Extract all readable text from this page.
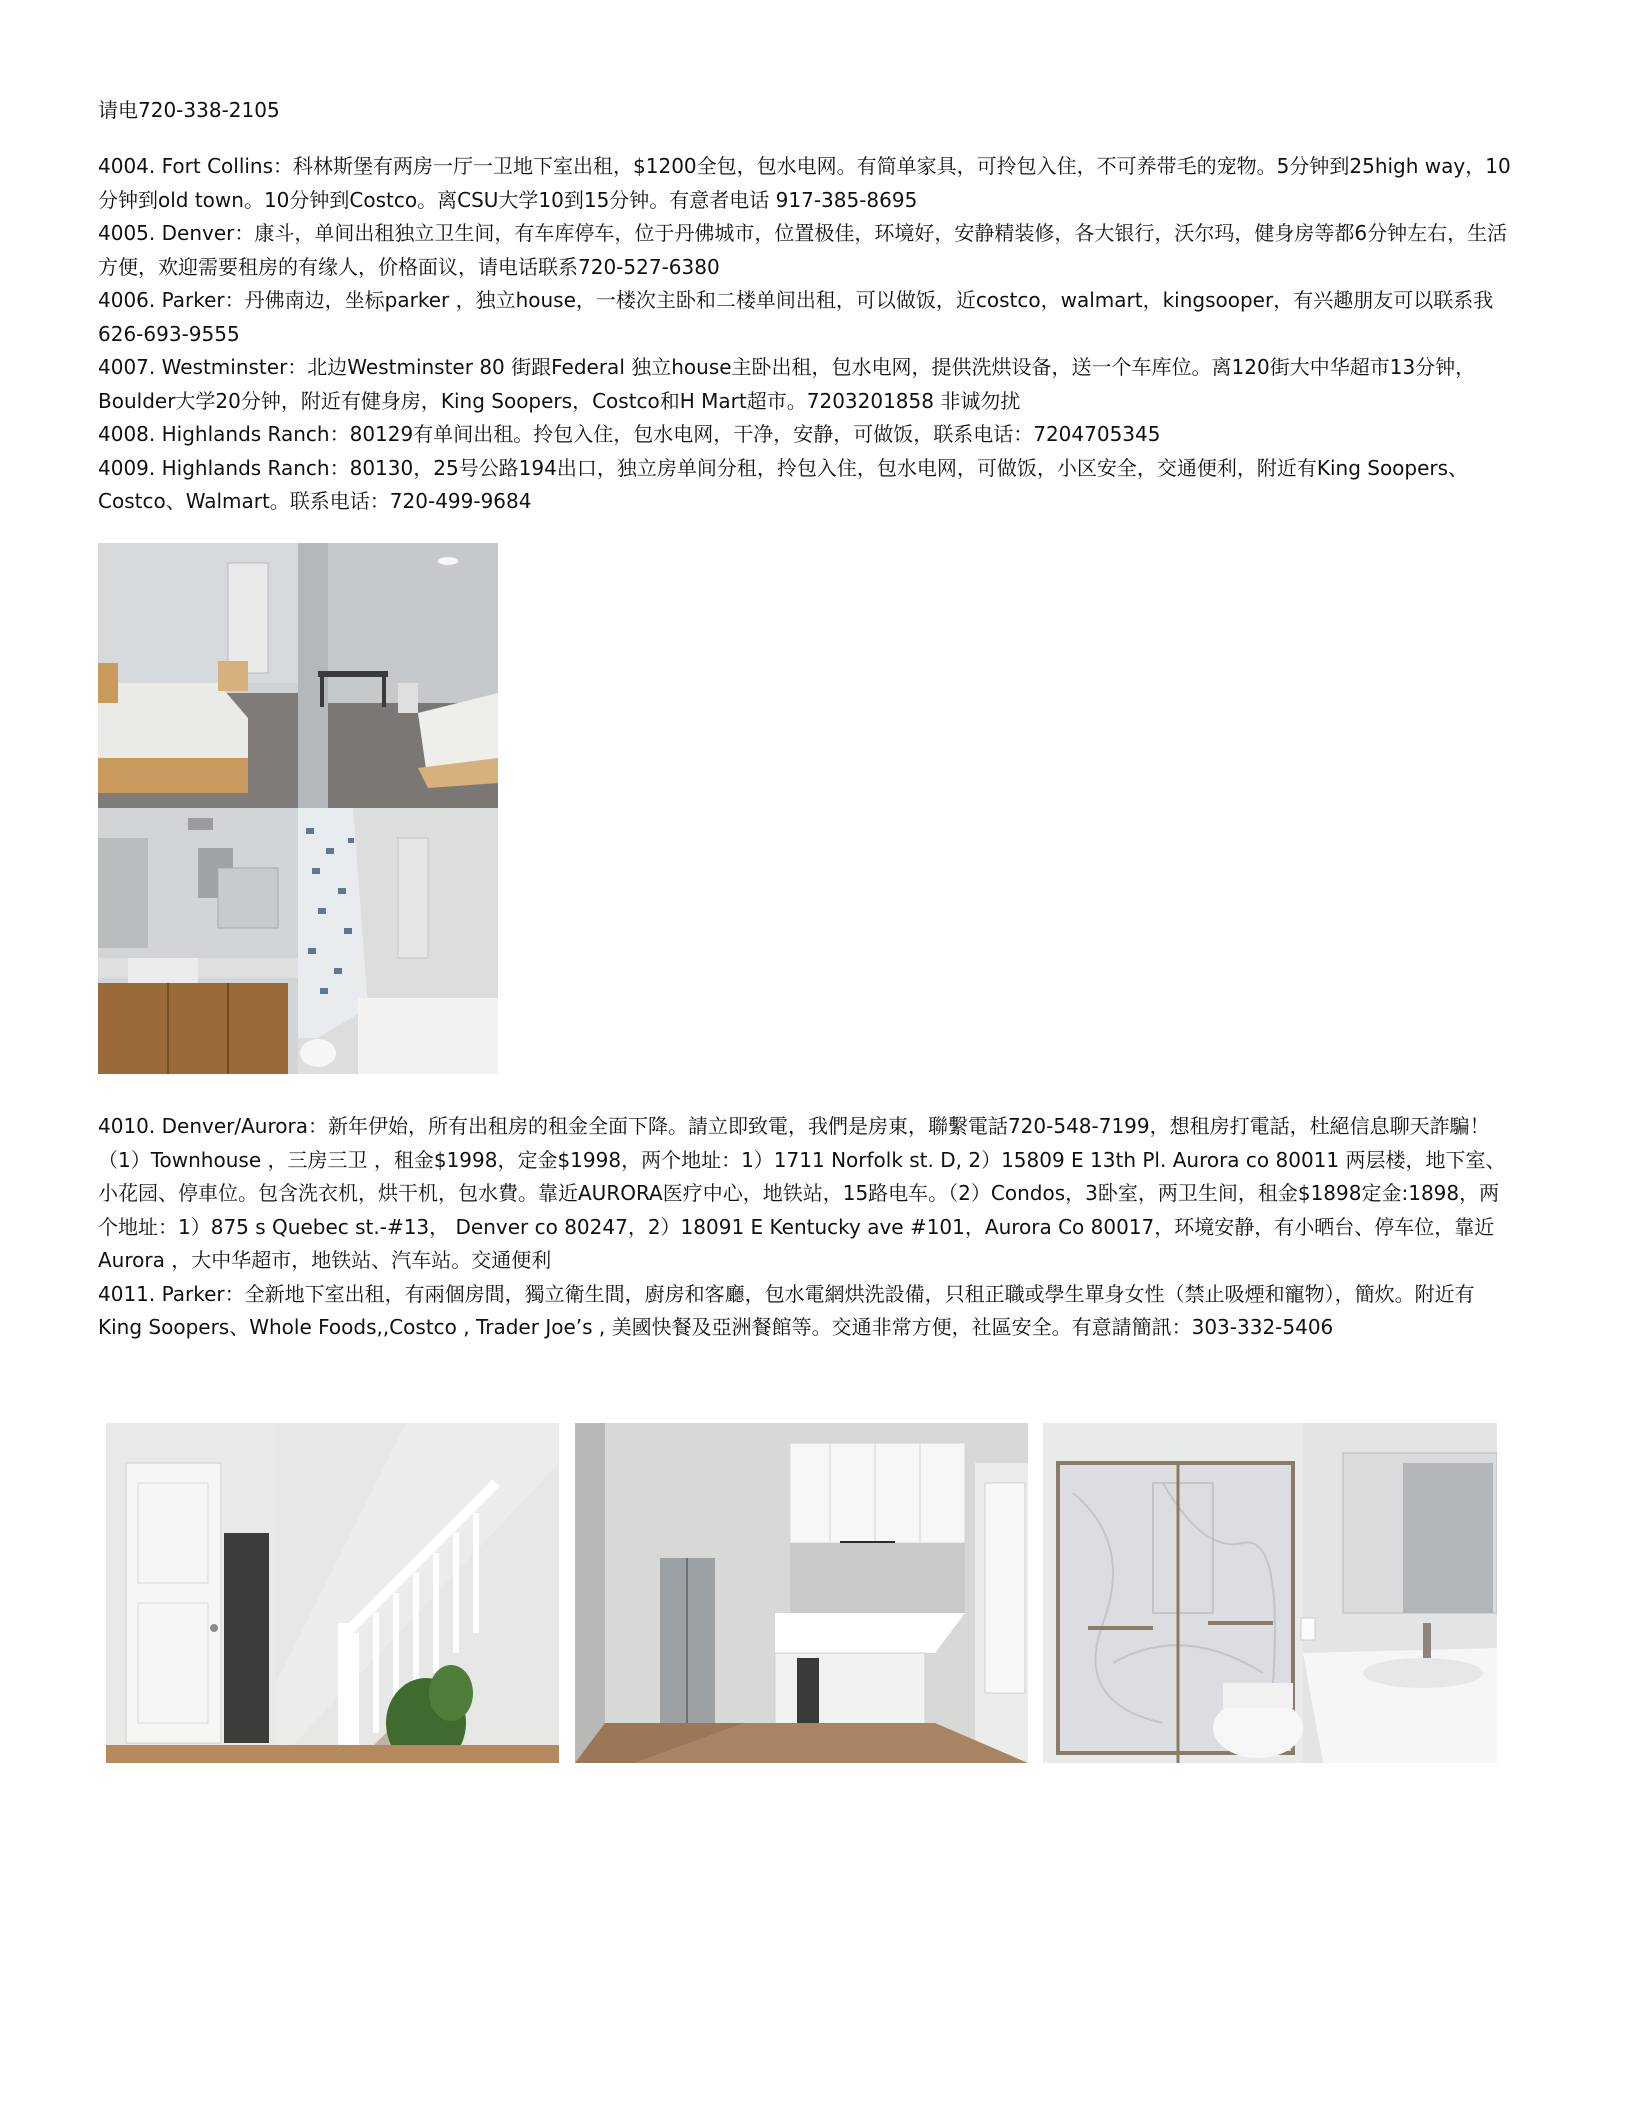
请电720-338-2105

4004. Fort Collins：科林斯堡有两房一厅一卫地下室出租，$1200全包，包水电网。有简单家具，可拎包入住，不可养带毛的宠物。5分钟到25high way，10分钟到old town。10分钟到Costco。离CSU大学10到15分钟。有意者电话 917-385-8695

4005. Denver：康斗，单间出租独立卫生间，有车库停车，位于丹佛城市，位置极佳，环境好，安静精装修，各大银行，沃尔玛，健身房等都6分钟左右，生活方便，欢迎需要租房的有缘人，价格面议，请电话联系720-527-6380

4006. Parker：丹佛南边，坐标parker ，独立house，一楼次主卧和二楼单间出租，可以做饭，近costco，walmart，kingsooper，有兴趣朋友可以联系我626-693-9555

4007. Westminster：北边Westminster 80 街跟Federal 独立house主卧出租，包水电网，提供洗烘设备，送一个车库位。离120街大中华超市13分钟，Boulder大学20分钟，附近有健身房，King Soopers，Costco和H Mart超市。7203201858 非诚勿扰

4008. Highlands Ranch：80129有单间出租。拎包入住，包水电网，干净，安静，可做饭，联系电话：7204705345

4009. Highlands Ranch：80130，25号公路194出口，独立房单间分租，拎包入住，包水电网，可做饭，小区安全，交通便利，附近有King Soopers、Costco、Walmart。联系电话：720-499-9684

4010. Denver/Aurora：新年伊始，所有出租房的租金全面下降。請立即致電，我們是房東，聯繫電話720-548-7199，想租房打電話，杜絕信息聊天詐騙！（1）Townhouse ，三房三卫 ，租金$1998，定金$1998，两个地址：1）1711 Norfolk st. D, 2）15809 E 13th Pl. Aurora co 80011 两层楼，地下室、小花园、停車位。包含洗衣机，烘干机，包水費。靠近AURORA医疗中心，地铁站，15路电车。（2）Condos，3卧室，两卫生间，租金$1898定金:1898，两个地址：1）875 s Quebec st.-#13， Denver co 80247，2）18091 E Kentucky ave #101，Aurora Co 80017，环境安静，有小晒台、停车位，靠近Aurora ，大中华超市，地铁站、汽车站。交通便利

4011. Parker：全新地下室出租，有兩個房間，獨立衛生間，廚房和客廳，包水電網烘洗設備，只租正職或學生單身女性（禁止吸煙和寵物），簡炊。附近有King Soopers、Whole Foods,,Costco , Trader Joe’s , 美國快餐及亞洲餐館等。交通非常方便，社區安全。有意請簡訊：303-332-5406
